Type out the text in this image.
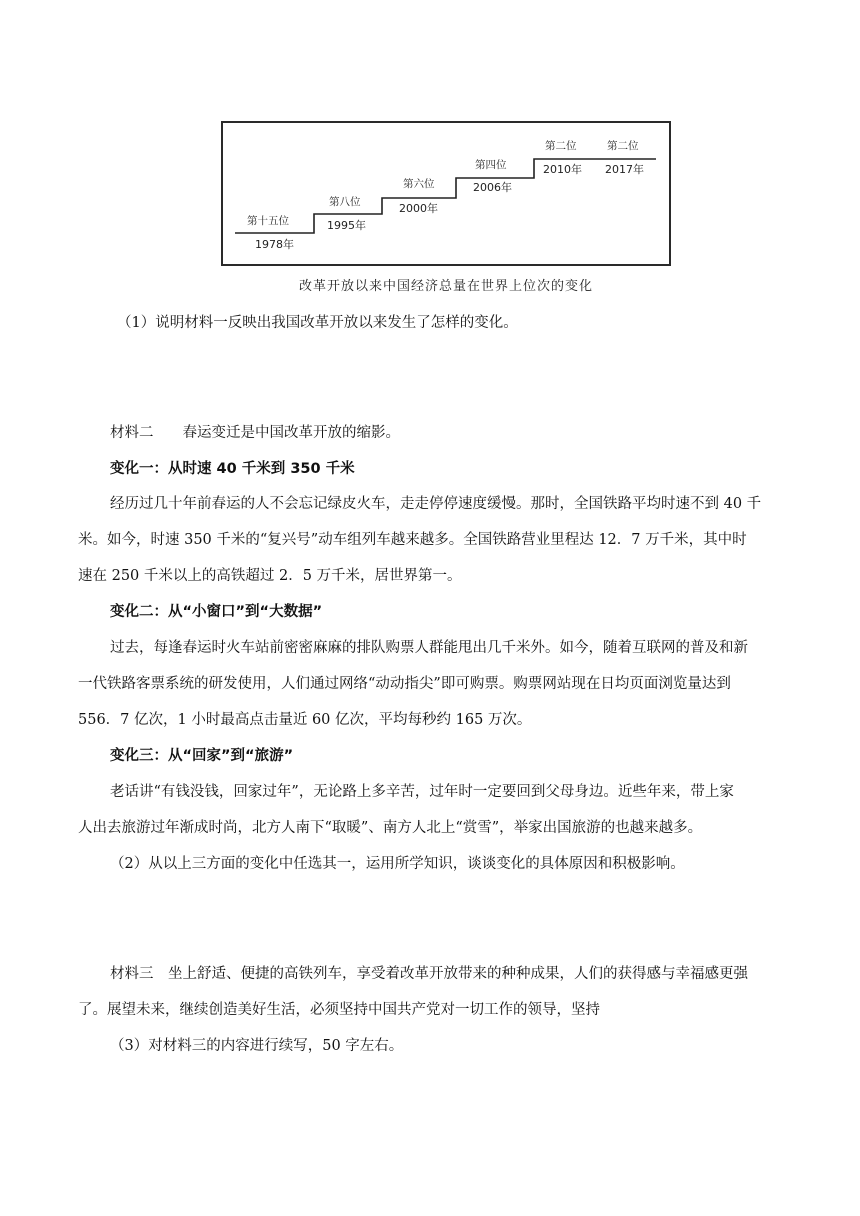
第十五位
1978年
第八位
1995年
第六位
2000年
第四位
2006年
第二位
2010年
第二位
2017年
改革开放以来中国经济总量在世界上位次的变化
（1）说明材料一反映出我国改革开放以来发生了怎样的变化。
材料二　　春运变迁是中国改革开放的缩影。
变化一：从时速 40 千米到 350 千米
经历过几十年前春运的人不会忘记绿皮火车，走走停停速度缓慢。那时，全国铁路平均时速不到 40 千
米。如今，时速 350 千米的“复兴号”动车组列车越来越多。全国铁路营业里程达 12．7 万千米，其中时
速在 250 千米以上的高铁超过 2．5 万千米，居世界第一。
变化二：从“小窗口”到“大数据”
过去，每逢春运时火车站前密密麻麻的排队购票人群能甩出几千米外。如今，随着互联网的普及和新
一代铁路客票系统的研发使用，人们通过网络“动动指尖”即可购票。购票网站现在日均页面浏览量达到
556．7 亿次，1 小时最高点击量近 60 亿次，平均每秒约 165 万次。
变化三：从“回家”到“旅游”
老话讲“有钱没钱，回家过年”，无论路上多辛苦，过年时一定要回到父母身边。近些年来，带上家
人出去旅游过年渐成时尚，北方人南下“取暖”、南方人北上“赏雪”，举家出国旅游的也越来越多。
（2）从以上三方面的变化中任选其一，运用所学知识，谈谈变化的具体原因和积极影响。
材料三　坐上舒适、便捷的高铁列车，享受着改革开放带来的种种成果，人们的获得感与幸福感更强
了。展望未来，继续创造美好生活，必须坚持中国共产党对一切工作的领导，坚持
（3）对材料三的内容进行续写，50 字左右。
